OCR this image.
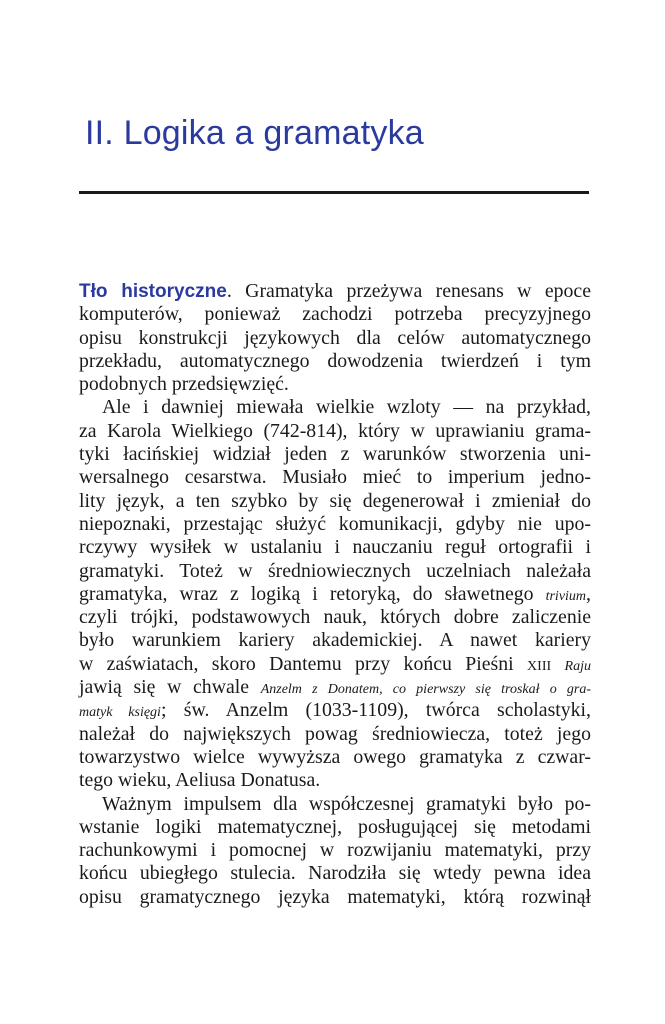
II. Logika a gramatyka
Tło historyczne. Gramatyka przeżywa renesans w epoce
komputerów, ponieważ zachodzi potrzeba precyzyjnego
opisu konstrukcji językowych dla celów automatycznego
przekładu, automatycznego dowodzenia twierdzeń i tym
podobnych przedsięwzięć.
Ale i dawniej miewała wielkie wzloty — na przykład,
za Karola Wielkiego (742-814), który w uprawianiu grama-
tyki łacińskiej widział jeden z warunków stworzenia uni-
wersalnego cesarstwa. Musiało mieć to imperium jedno-
lity język, a ten szybko by się degenerował i zmieniał do
niepoznaki, przestając służyć komunikacji, gdyby nie upo-
rczywy wysiłek w ustalaniu i nauczaniu reguł ortografii i
gramatyki. Toteż w średniowiecznych uczelniach należała
gramatyka, wraz z logiką i retoryką, do sławetnego trivium,
czyli trójki, podstawowych nauk, których dobre zaliczenie
było warunkiem kariery akademickiej. A nawet kariery
w zaświatach, skoro Dantemu przy końcu Pieśni XIII Raju
jawią się w chwale Anzelm z Donatem, co pierwszy się troskał o gra-
matyk księgi; św. Anzelm (1033-1109), twórca scholastyki,
należał do największych powag średniowiecza, toteż jego
towarzystwo wielce wywyższa owego gramatyka z czwar-
tego wieku, Aeliusa Donatusa.
Ważnym impulsem dla współczesnej gramatyki było po-
wstanie logiki matematycznej, posługującej się metodami
rachunkowymi i pomocnej w rozwijaniu matematyki, przy
końcu ubiegłego stulecia. Narodziła się wtedy pewna idea
opisu gramatycznego języka matematyki, którą rozwinął
